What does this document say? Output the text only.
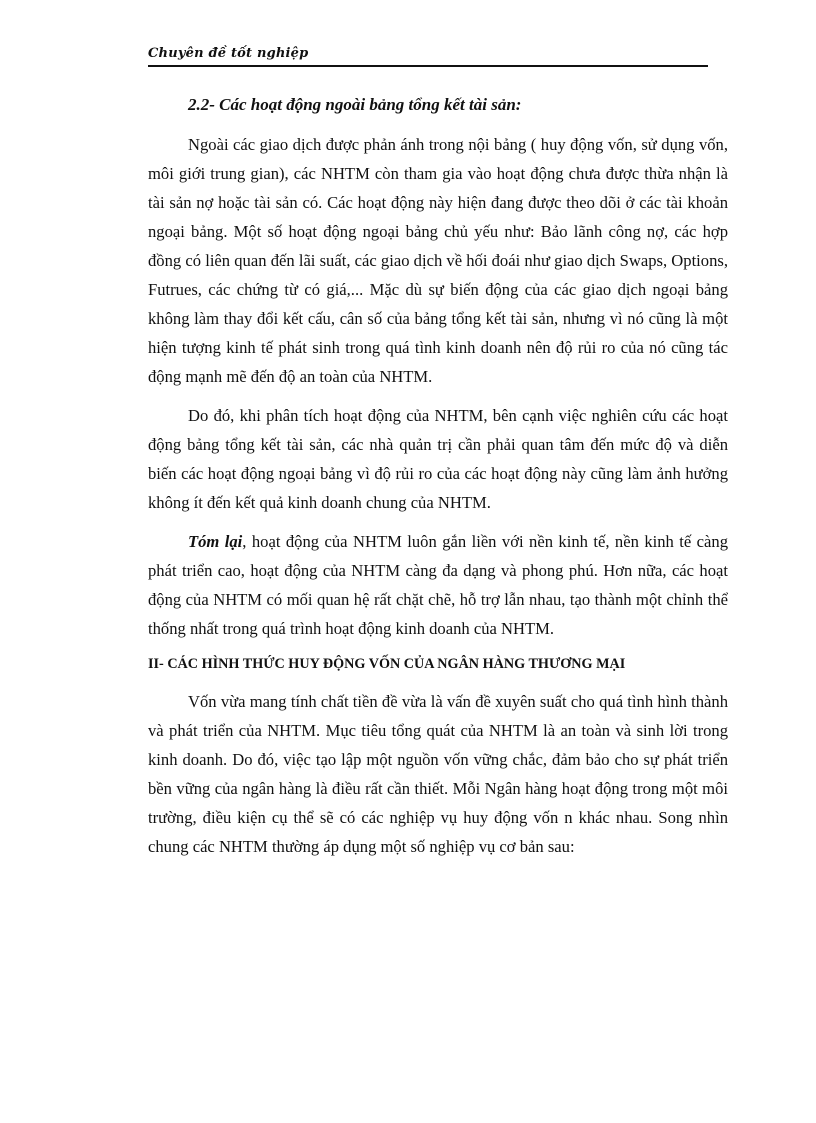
Chuyên đề tốt nghiệp
2.2- Các hoạt động ngoài bảng tổng kết tài sản:

Ngoài các giao dịch được phản ánh trong nội bảng ( huy động vốn, sử dụng vốn, môi giới trung gian), các NHTM còn tham gia vào hoạt động chưa được thừa nhận là tài sản nợ hoặc tài sản có. Các hoạt động này hiện đang được theo dõi ở các tài khoản ngoại bảng. Một số hoạt động ngoại bảng chủ yếu như: Bảo lãnh công nợ, các hợp đồng có liên quan đến lãi suất, các giao dịch về hối đoái như giao dịch Swaps, Options, Futrues, các chứng từ có giá,... Mặc dù sự biến động của các giao dịch ngoại bảng không làm thay đổi kết cấu, cân số của bảng tổng kết tài sản, nhưng vì nó cũng là một hiện tượng kinh tế phát sinh trong quá tình kinh doanh nên độ rủi ro của nó cũng tác động mạnh mẽ đến độ an toàn của NHTM.

Do đó, khi phân tích hoạt động của NHTM, bên cạnh việc nghiên cứu các hoạt động bảng tổng kết tài sản, các nhà quản trị cần phải quan tâm đến mức độ và diễn biến các hoạt động ngoại bảng vì độ rủi ro của các hoạt động này cũng làm ảnh hưởng không ít đến kết quả kinh doanh chung của NHTM.

Tóm lại, hoạt động của NHTM luôn gắn liền với nền kinh tế, nền kinh tế càng phát triển cao, hoạt động của NHTM càng đa dạng và phong phú. Hơn nữa, các hoạt động của NHTM có mối quan hệ rất chặt chẽ, hỗ trợ lẫn nhau, tạo thành một chỉnh thể thống nhất trong quá trình hoạt động kinh doanh của NHTM.

II- CÁC HÌNH THỨC HUY ĐỘNG VỐN CỦA NGÂN HÀNG THƯƠNG MẠI

Vốn vừa mang tính chất tiền đề vừa là vấn đề xuyên suất cho quá tình hình thành và phát triển của NHTM. Mục tiêu tổng quát của NHTM là an toàn và sinh lời trong kinh doanh. Do đó, việc tạo lập một nguồn vốn vững chắc, đảm bảo cho sự phát triển bền vững của ngân hàng là điều rất cần thiết. Mỗi Ngân hàng hoạt động trong một môi trường, điều kiện cụ thể sẽ có các nghiệp vụ huy động vốn n khác nhau. Song nhìn chung các NHTM thường áp dụng một số nghiệp vụ cơ bản sau:
